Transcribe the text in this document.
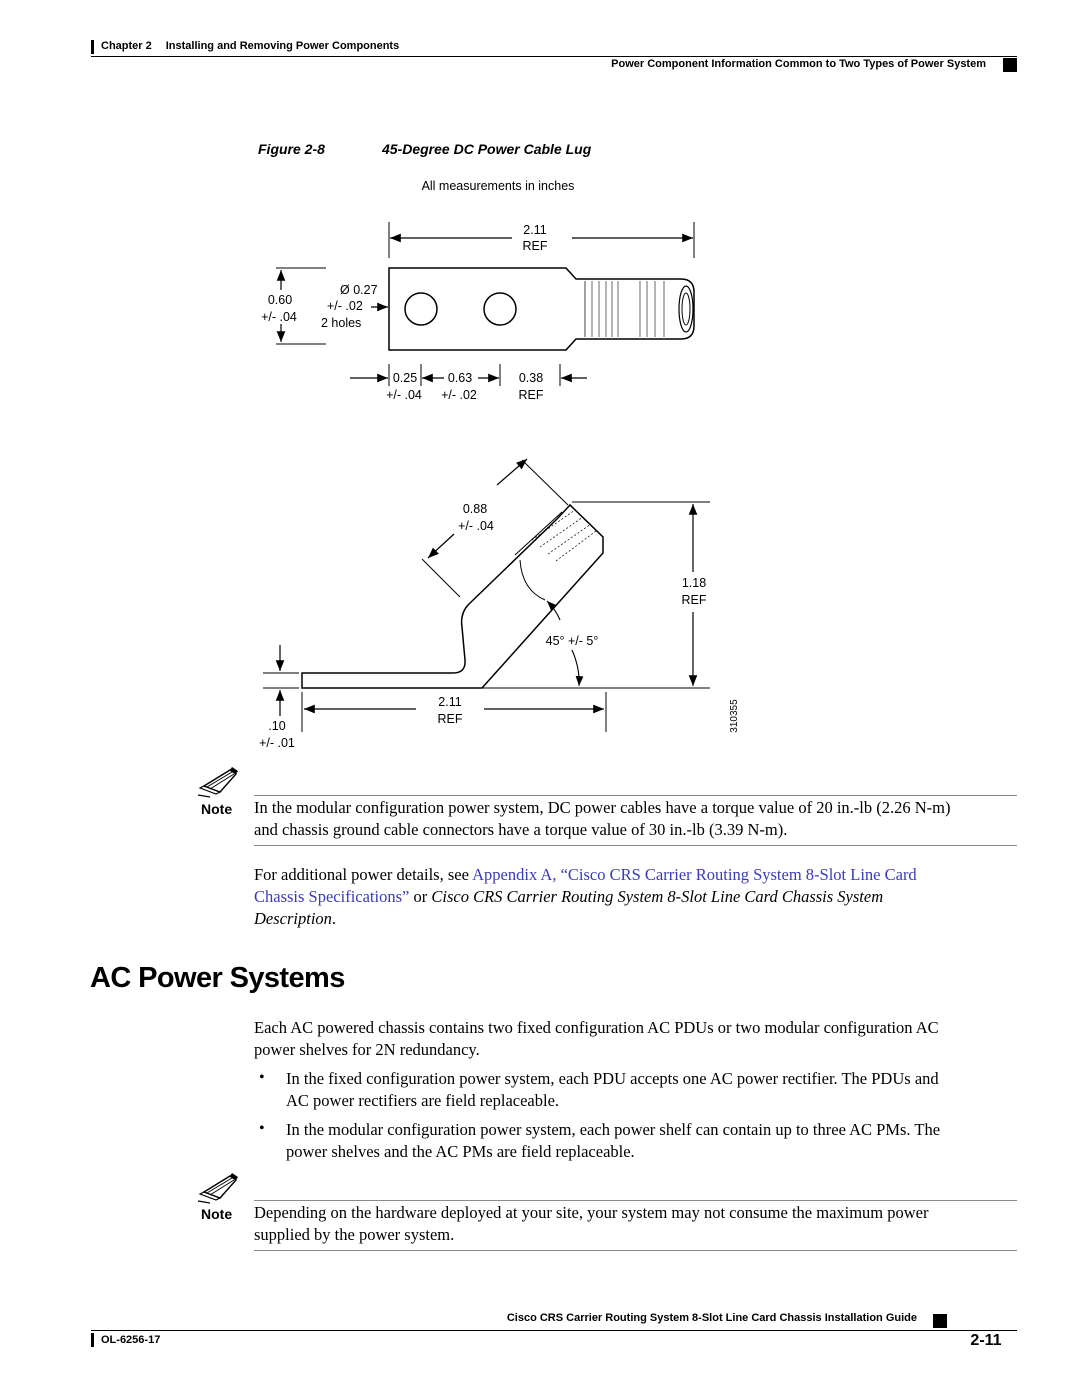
Chapter 2 Installing and Removing Power Components
Power Component Information Common to Two Types of Power System
Figure 2-8	45-Degree DC Power Cable Lug
All measurements in inches
2.11
REF
0.60
+/- .04
Ø 0.27
+/- .02
2 holes
0.25
+/- .04
0.63
+/- .02
0.38
REF
0.88
+/- .04
1.18
REF
45° +/- 5°
2.11
REF
.10
+/- .01
310355
Note In the modular configuration power system, DC power cables have a torque value of 20 in.-lb (2.26 N-m)
and chassis ground cable connectors have a torque value of 30 in.-lb (3.39 N-m).
For additional power details, see Appendix A, “Cisco CRS Carrier Routing System 8-Slot Line Card
Chassis Specifications” or Cisco CRS Carrier Routing System 8-Slot Line Card Chassis System
Description.
AC Power Systems
Each AC powered chassis contains two fixed configuration AC PDUs or two modular configuration AC
power shelves for 2N redundancy.
• In the fixed configuration power system, each PDU accepts one AC power rectifier. The PDUs and
AC power rectifiers are field replaceable.
• In the modular configuration power system, each power shelf can contain up to three AC PMs. The
power shelves and the AC PMs are field replaceable.
Note Depending on the hardware deployed at your site, your system may not consume the maximum power
supplied by the power system.
Cisco CRS Carrier Routing System 8-Slot Line Card Chassis Installation Guide
OL-6256-17	2-11
